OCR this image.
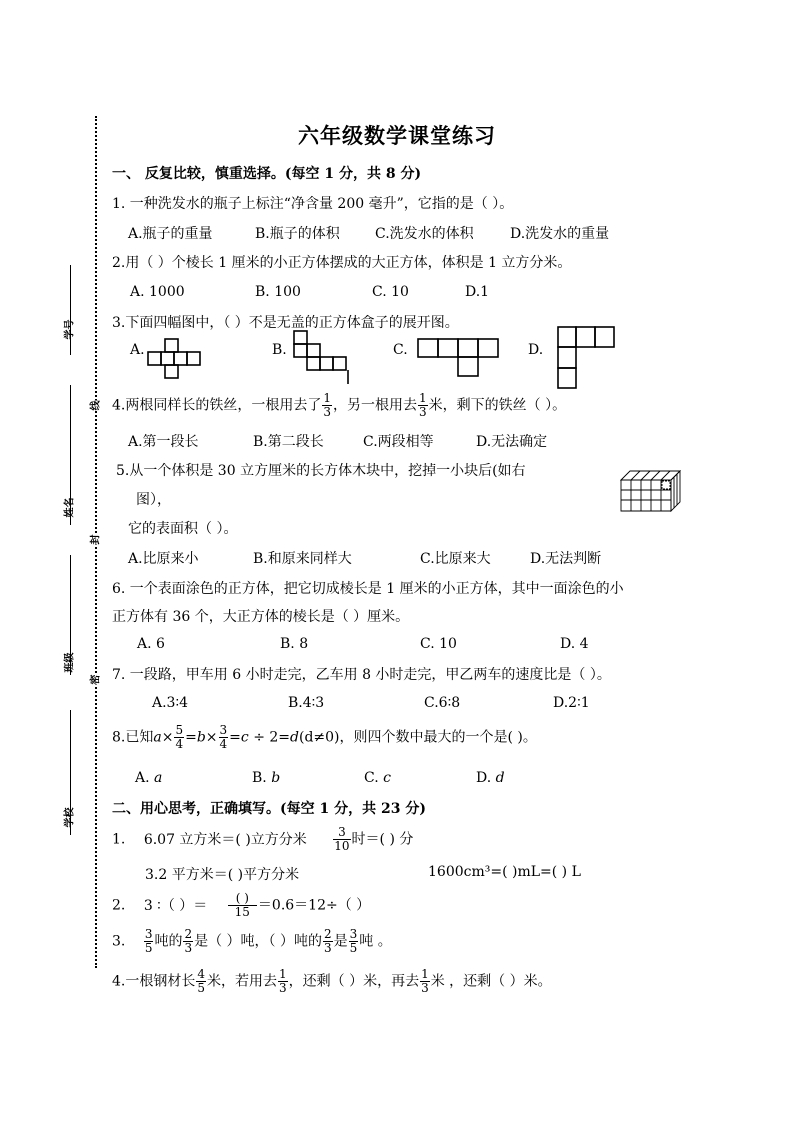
六年级数学课堂练习
学号
姓名
班级
学校
线
封
密
一、 反复比较，慎重选择。(每空 1 分，共 8 分)
1. 一种洗发水的瓶子上标注“净含量 200 毫升”，它指的是（ ）。
A.瓶子的重量	B.瓶子的体积	C.洗发水的体积	D.洗发水的重量
2.用（ ）个棱长 1 厘米的小正方体摆成的大正方体，体积是 1 立方分米。
A. 1000	B. 100	C. 10	D.1
3.下面四幅图中，（ ）不是无盖的正方体盒子的展开图。
A.	B.	C.	D.
4.两根同样长的铁丝，一根用去了 $\frac{1}{3}$ ，另一根用去 $\frac{1}{3}$ 米，剩下的铁丝（ ）。
A.第一段长	B.第二段长	C.两段相等	D.无法确定
5.从一个体积是 30 立方厘米的长方体木块中，挖掉一小块后(如右
图），
它的表面积（ ）。
A.比原来小	B.和原来同样大	C.比原来大	D.无法判断
6. 一个表面涂色的正方体，把它切成棱长是 1 厘米的小正方体，其中一面涂色的小
正方体有 36 个，大正方体的棱长是（ ）厘米。
A. 6	B. 8	C. 10	D. 4
7. 一段路，甲车用 6 小时走完，乙车用 8 小时走完，甲乙两车的速度比是（ ）。
A.3∶4	B.4∶3	C.6∶8	D.2∶1
8.已知$a\times \frac{5}{4} =b\times \frac{3}{4} =c \div 2=d(d\ne 0)$，则四个数中最大的一个是( )。
A. a	B. b	C. c	D. d
二、用心思考，正确填写。(每空 1 分，共 23 分)
1. 6.07 立方米＝( )立方分米 $\frac{3}{10}$ 时＝( ) 分
3.2 平方米＝( )平方分米	1600cm³=( )mL=( ) L
2. 3 ∶（ ）＝ $\frac{( )}{15} =0.6=12\div$（ ）
3. $\frac{3}{5}$ 吨的 $\frac{2}{3}$ 是（ ）吨，（ ）吨的 $\frac{2}{3}$ 是 $\frac{3}{5}$ 吨 。
4.一根钢材长 $\frac{4}{5}$ 米，若用去 $\frac{1}{3}$ ，还剩（ ）米，再去 $\frac{1}{3}$ 米 ，还剩（ ）米。
